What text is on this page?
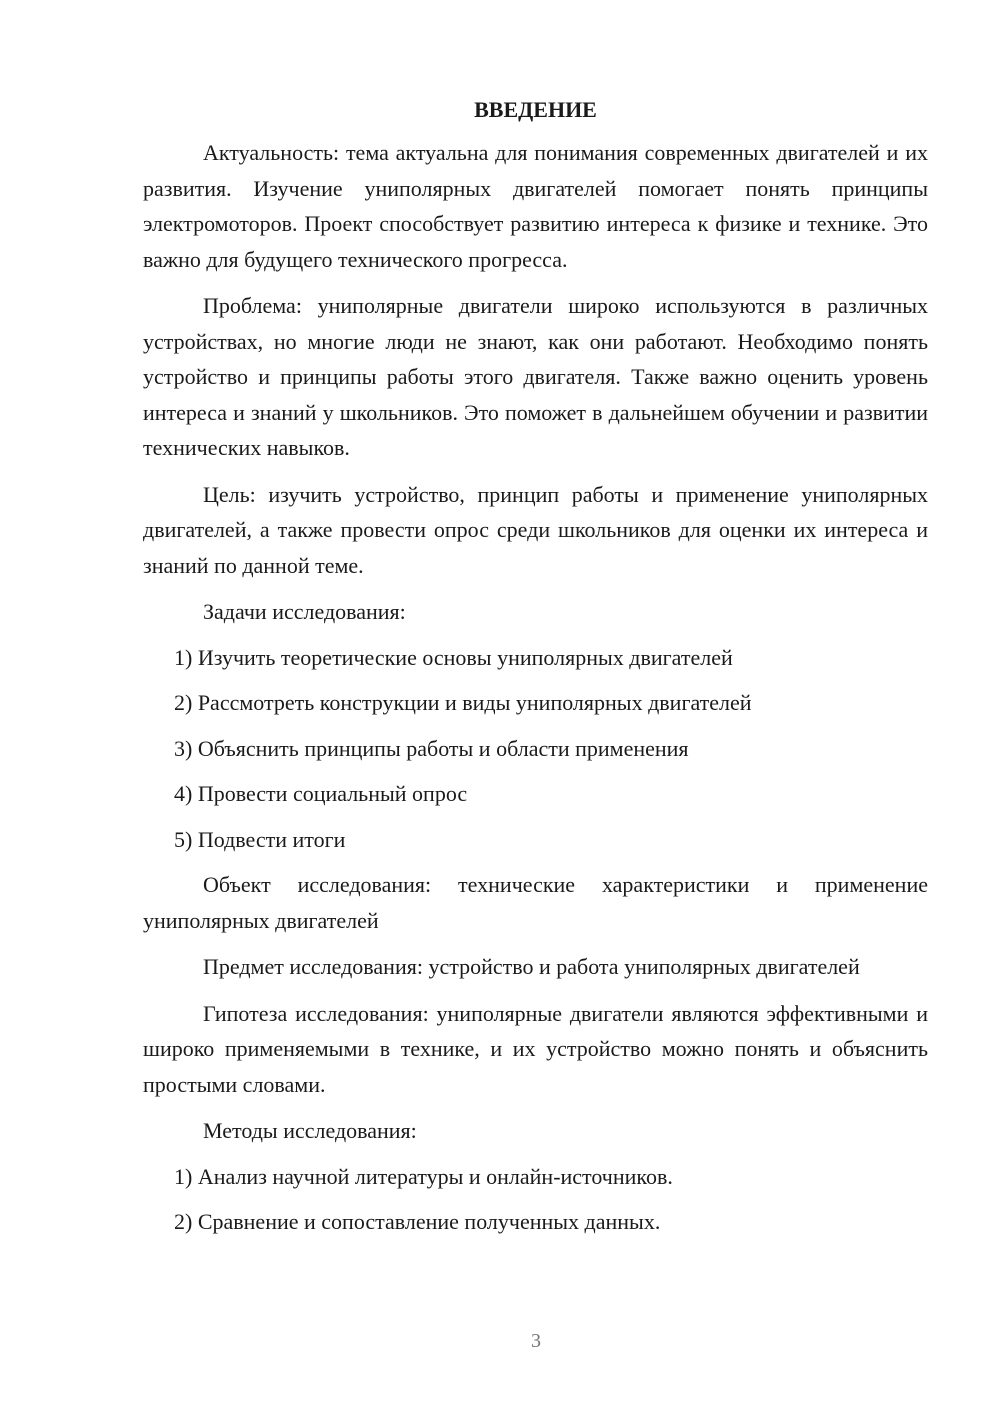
ВВЕДЕНИЕ

Актуальность: тема актуальна для понимания современных двигателей и их развития. Изучение униполярных двигателей помогает понять принципы электромоторов. Проект способствует развитию интереса к физике и технике. Это важно для будущего технического прогресса.

Проблема: униполярные двигатели широко используются в различных устройствах, но многие люди не знают, как они работают. Необходимо понять устройство и принципы работы этого двигателя. Также важно оценить уровень интереса и знаний у школьников. Это поможет в дальнейшем обучении и развитии технических навыков.

Цель: изучить устройство, принцип работы и применение униполярных двигателей, а также провести опрос среди школьников для оценки их интереса и знаний по данной теме.

Задачи исследования:

1) Изучить теоретические основы униполярных двигателей

2) Рассмотреть конструкции и виды униполярных двигателей

3) Объяснить принципы работы и области применения

4) Провести социальный опрос

5) Подвести итоги

Объект исследования: технические характеристики и применение униполярных двигателей

Предмет исследования: устройство и работа униполярных двигателей

Гипотеза исследования: униполярные двигатели являются эффективными и широко применяемыми в технике, и их устройство можно понять и объяснить простыми словами.

Методы исследования:

1) Анализ научной литературы и онлайн-источников.

2) Сравнение и сопоставление полученных данных.

3
